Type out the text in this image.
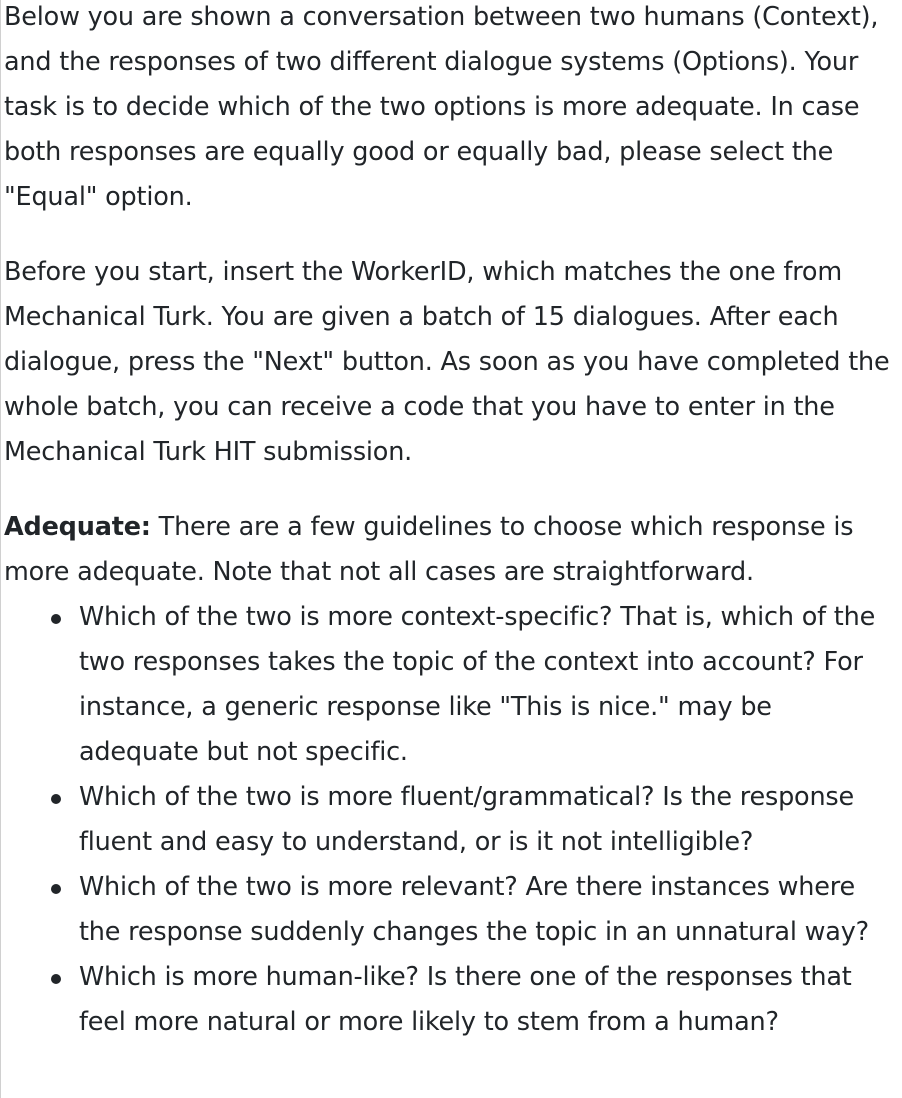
Below you are shown a conversation between two humans (Context), and the responses of two different dialogue systems (Options). Your task is to decide which of the two options is more adequate. In case both responses are equally good or equally bad, please select the "Equal" option.

Before you start, insert the WorkerID, which matches the one from Mechanical Turk. You are given a batch of 15 dialogues. After each dialogue, press the "Next" button. As soon as you have completed the whole batch, you can receive a code that you have to enter in the Mechanical Turk HIT submission.

Adequate: There are a few guidelines to choose which response is more adequate. Note that not all cases are straightforward.

Which of the two is more context-specific? That is, which of the two responses takes the topic of the context into account? For instance, a generic response like "This is nice." may be adequate but not specific.
Which of the two is more fluent/grammatical? Is the response fluent and easy to understand, or is it not intelligible?
Which of the two is more relevant? Are there instances where the response suddenly changes the topic in an unnatural way?
Which is more human-like? Is there one of the responses that feel more natural or more likely to stem from a human?
